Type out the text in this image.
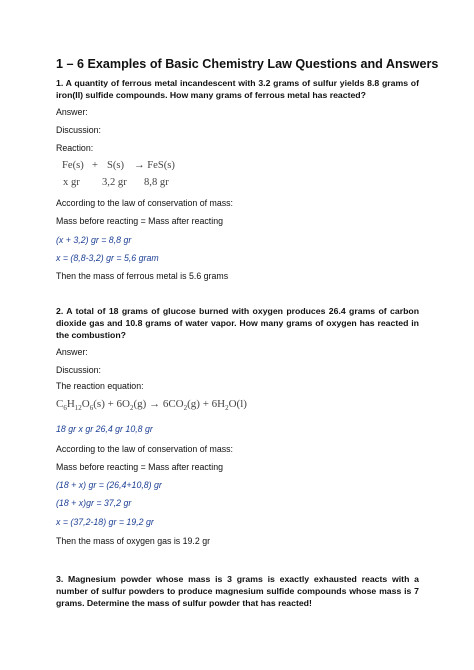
1 – 6 Examples of Basic Chemistry Law Questions and Answers
1. A quantity of ferrous metal incandescent with 3.2 grams of sulfur yields 8.8 grams of iron(II) sulfide compounds. How many grams of ferrous metal has reacted?
Answer:
Discussion:
Reaction:
Fe(s) + S(s) → FeS(s)
x gr 3,2 gr 8,8 gr
According to the law of conservation of mass:
Mass before reacting = Mass after reacting
(x + 3,2) gr = 8,8 gr
x = (8,8-3,2) gr = 5,6 gram
Then the mass of ferrous metal is 5.6 grams
2. A total of 18 grams of glucose burned with oxygen produces 26.4 grams of carbon dioxide gas and 10.8 grams of water vapor. How many grams of oxygen has reacted in the combustion?
Answer:
Discussion:
The reaction equation:
$C_6H_{12}O_6(s) + 6O_2(g) \to 6CO_2(g) + 6H_2O(l)$
18 gr x gr 26,4 gr 10,8 gr
According to the law of conservation of mass:
Mass before reacting = Mass after reacting
(18 + x) gr = (26,4+10,8) gr
(18 + x)gr = 37,2 gr
x = (37,2-18) gr = 19,2 gr
Then the mass of oxygen gas is 19.2 gr
3. Magnesium powder whose mass is 3 grams is exactly exhausted reacts with a number of sulfur powders to produce magnesium sulfide compounds whose mass is 7 grams. Determine the mass of sulfur powder that has reacted!
